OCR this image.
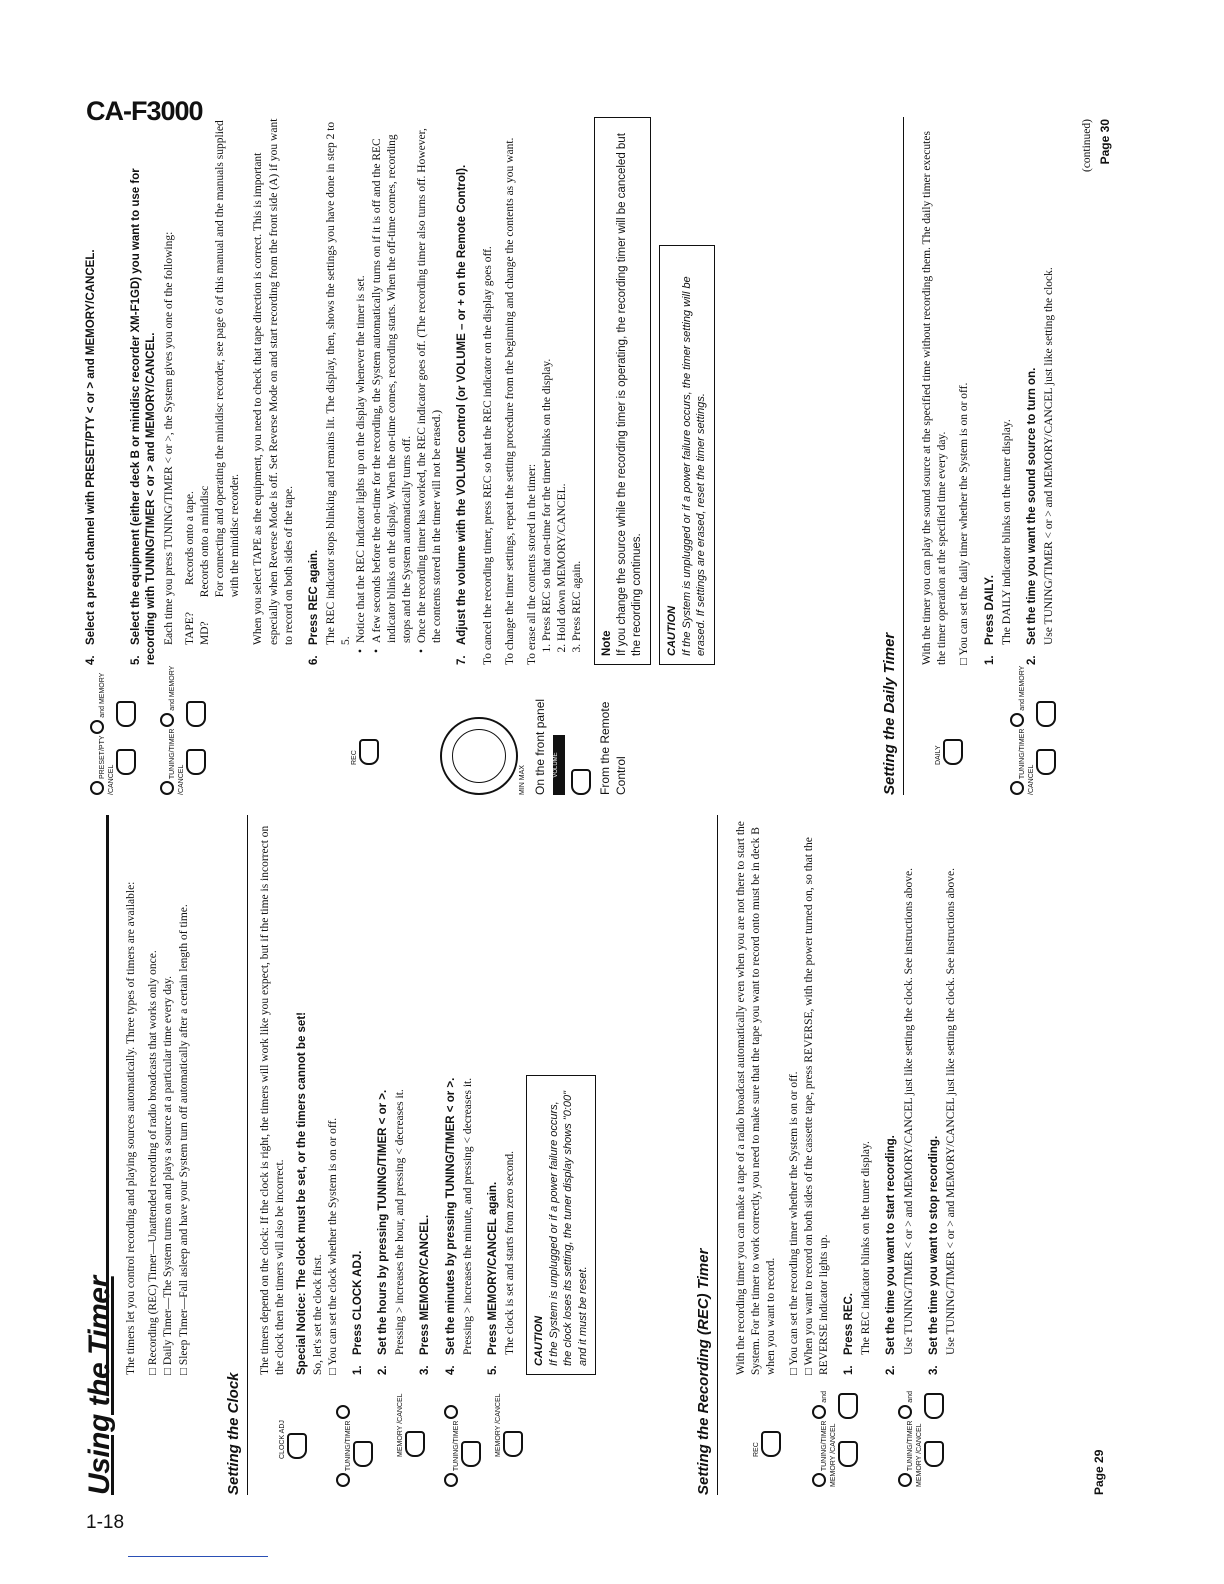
CA-F3000
1-18
Using the Timer

The timers let you control recording and playing sources automatically. Three types of timers are available: □ Recording (REC) Timer—Unattended recording of radio broadcasts that works only once. □ Daily Timer—The System turns on and plays a source at a particular time every day. □ Sleep Timer—Fall asleep and have your System turn off automatically after a certain length of time.
Setting the Clock	CLOCK ADJ	TUNING/TIMER	MEMORY /CANCEL	TUNING/TIMER	MEMORY /CANCEL

The timers depend on the clock: If the clock is right, the timers will work like you expect, but if the time is incorrect on the clock then the timers will also be incorrect. Special Notice: The clock must be set, or the timers cannot be set! So, let's set the clock first. □ You can set the clock whether the System is on or off.
1.Press CLOCK ADJ.
2.Set the hours by pressing TUNING/TIMER < or >. Pressing > increases the hour, and pressing < decreases it.
3.Press MEMORY/CANCEL.
4.Set the minutes by pressing TUNING/TIMER < or >. Pressing > increases the minute, and pressing < decreases it.
5.Press MEMORY/CANCEL again. The clock is set and starts from zero second. CAUTION If the System is unplugged or if a power failure occurs, the clock loses its setting, the tuner display shows "0:00" and it must be reset.	Setting the Recording (REC) Timer	REC	TUNING/TIMER  and MEMORY /CANCEL
	TUNING/TIMER  and MEMORY /CANCEL

With the recording timer you can make a tape of a radio broadcast automatically even when you are not there to start the System. For the timer to work correctly, you need to make sure that the tape you want to record onto must be in deck B when you want to record. □ You can set the recording timer whether the System is on or off. □ When you want to record on both sides of the cassette tape, press REVERSE, with the power turned on, so that the REVERSE indicator lights up. 1.Press REC. The REC indicator blinks on the tuner display.
2.Set the time you want to start recording. Use TUNING/TIMER < or > and MEMORY/CANCEL just like setting the clock. See instructions above.
3.Set the time you want to stop recording. Use TUNING/TIMER < or > and MEMORY/CANCEL just like setting the clock. See instructions above.
Page 29
PRESET/PTY  and MEMORY /CANCEL

TUNING/TIMER  and MEMORY /CANCEL

REC

MIN MAX On the front panel VOLUME	From the Remote Control
4.Select a preset channel with PRESET/PTY < or > and MEMORY/CANCEL.
5.Select the equipment (either deck B or minidisc recorder XM-F1GD) you want to use for recording with TUNING/TIMER < or > and MEMORY/CANCEL. Each time you press TUNING/TIMER < or >, the System gives you one of the following: TAPE?
Records onto a tape.
MD?
Records onto a minidisc For connecting and operating the minidisc recorder, see page 6 of this manual and the manuals supplied with the minidisc recorder. When you select TAPE as the equipment, you need to check that tape direction is correct. This is important especially when Reverse Mode is off. Set Reverse Mode on and start recording from the front side (A) if you want to record on both sides of the tape.

6.Press REC again. The REC indicator stops blinking and remains lit. The display, then, shows the settings you have done in step 2 to 5. • Notice that the REC indicator lights up on the display whenever the timer is set. • A few seconds before the on-time for the recording, the System automatically turns on if it is off and the REC indicator blinks on the display. When the on-time comes, recording starts. When the off-time comes, recording stops and the System automatically turns off. • Once the recording timer has worked, the REC indicator goes off. (The recording timer also turns off. However, the contents stored in the timer will not be erased.)
7.Adjust the volume with the VOLUME control (or VOLUME – or + on the Remote Control). To cancel the recording timer, press REC so that the REC indicator on the display goes off. To change the timer settings, repeat the setting procedure from the beginning and change the contents as you want. To erase all the contents stored in the timer: 1. Press REC so that on-time for the timer blinks on the display. 2. Hold down MEMORY/CANCEL. 3. Press REC again.
Note If you change the source while the recording timer is operating, the recording timer will be canceled but the recording continues. CAUTION If the System is unplugged or if a power failure occurs, the timer setting will be erased. If settings are erased, reset the timer settings.
Setting the Daily Timer	DAILY	TUNING/TIMER  and MEMORY /CANCEL

With the timer you can play the sound source at the specified time without recording them. The daily timer executes the timer operation at the specified time every day. □ You can set the daily timer whether the System is on or off.
1.Press DAILY. The DAILY indicator blinks on the tuner display.
2.Set the time you want the sound source to turn on. Use TUNING/TIMER < or > and MEMORY/CANCEL just like setting the clock.
(continued) Page 30
